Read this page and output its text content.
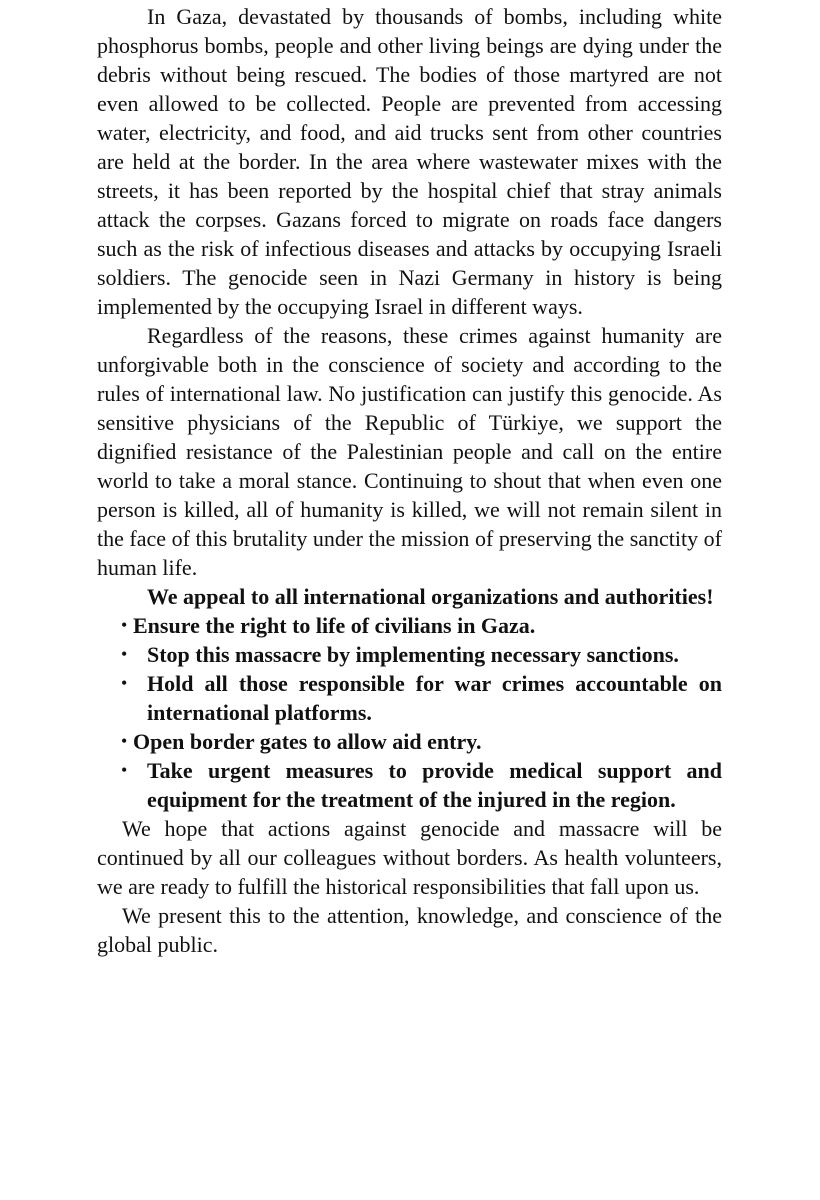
In Gaza, devastated by thousands of bombs, including white phosphorus bombs, people and other living beings are dying under the debris without being rescued. The bodies of those martyred are not even allowed to be collected. People are prevented from accessing water, electricity, and food, and aid trucks sent from other countries are held at the border. In the area where wastewater mixes with the streets, it has been reported by the hospital chief that stray animals attack the corpses. Gazans forced to migrate on roads face dangers such as the risk of infectious diseases and attacks by occupying Israeli soldiers. The genocide seen in Nazi Germany in history is being implemented by the occupying Israel in different ways.

Regardless of the reasons, these crimes against humanity are unforgivable both in the conscience of society and according to the rules of international law. No justification can justify this genocide. As sensitive physicians of the Republic of Türkiye, we support the dignified resistance of the Palestinian people and call on the entire world to take a moral stance. Continuing to shout that when even one person is killed, all of humanity is killed, we will not remain silent in the face of this brutality under the mission of preserving the sanctity of human life.

We appeal to all international organizations and authorities!

• Ensure the right to life of civilians in Gaza.
• Stop this massacre by implementing necessary sanctions.
• Hold all those responsible for war crimes accountable on international platforms.
• Open border gates to allow aid entry.
• Take urgent measures to provide medical support and equipment for the treatment of the injured in the region.

We hope that actions against genocide and massacre will be continued by all our colleagues without borders. As health volunteers, we are ready to fulfill the historical responsibilities that fall upon us.

We present this to the attention, knowledge, and conscience of the global public.
